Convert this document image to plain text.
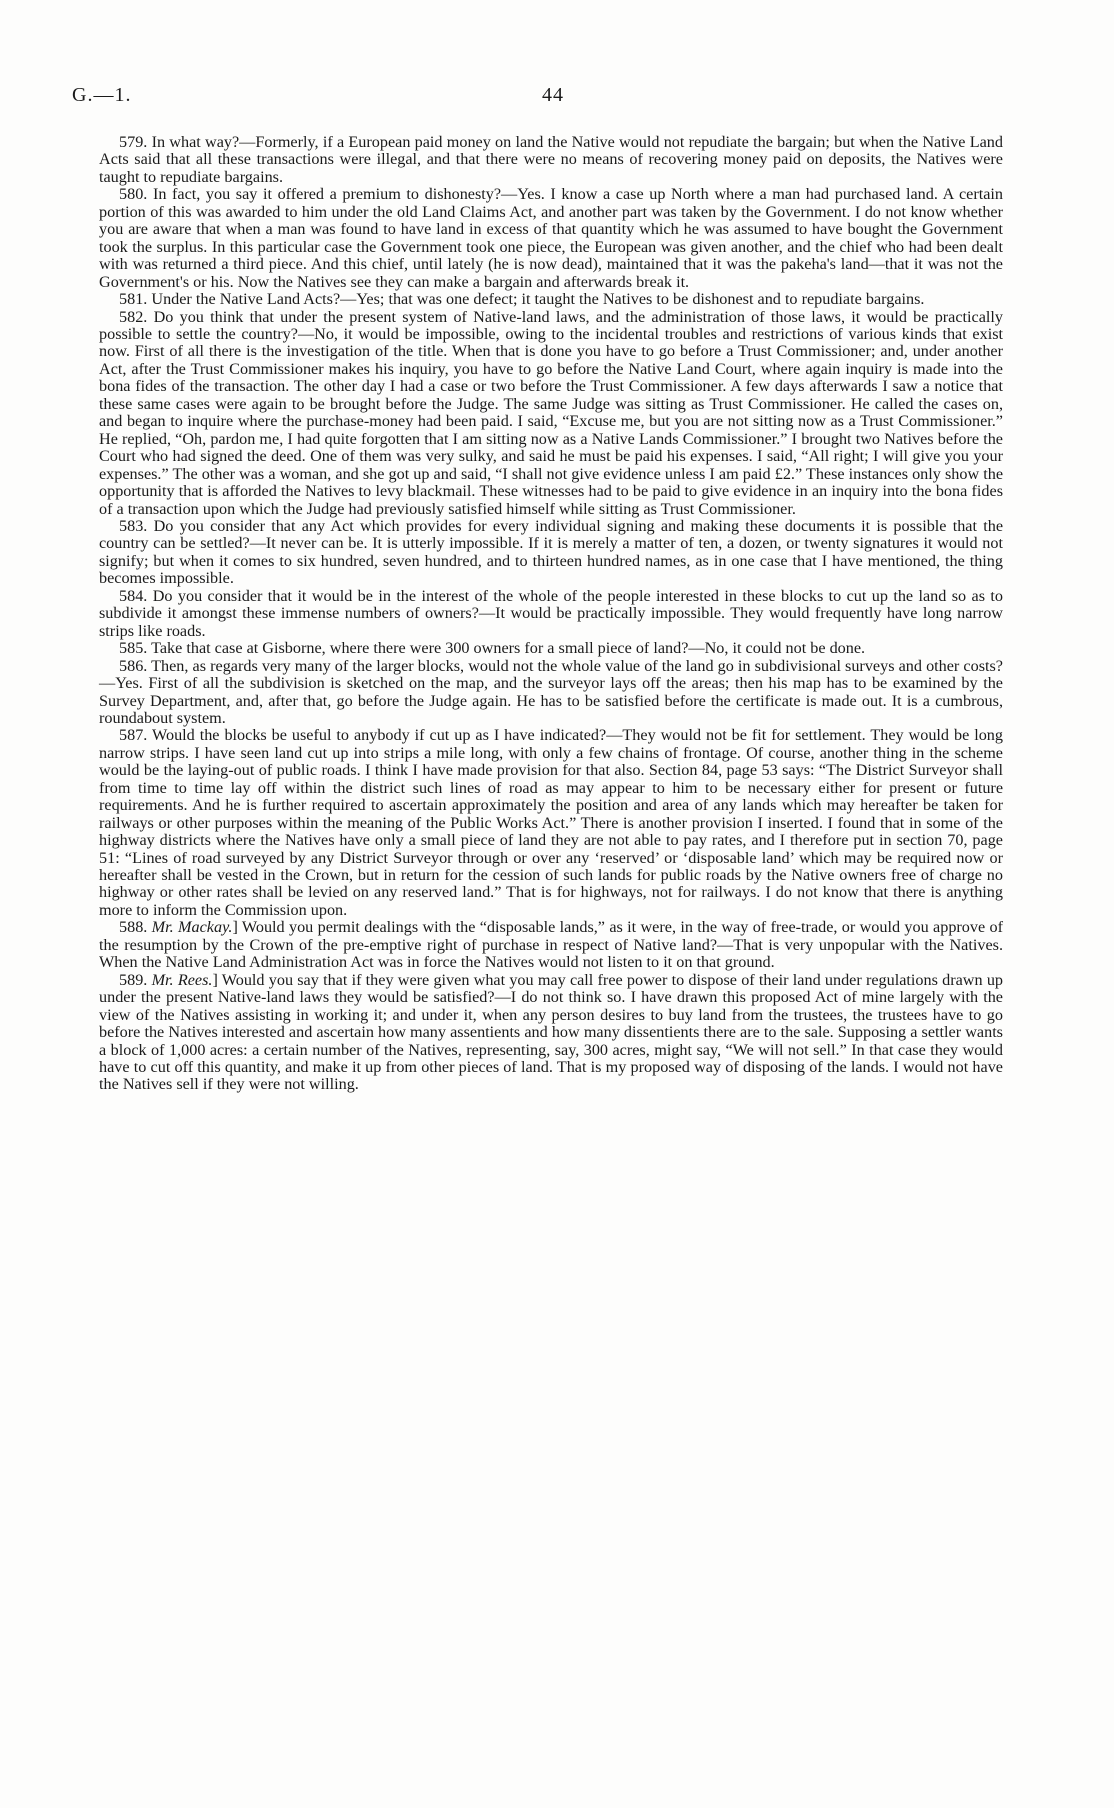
G.—1.	44

579. In what way?—Formerly, if a European paid money on land the Native would not repudiate the bargain; but when the Native Land Acts said that all these transactions were illegal, and that there were no means of recovering money paid on deposits, the Natives were taught to repudiate bargains.

580. In fact, you say it offered a premium to dishonesty?—Yes. I know a case up North where a man had purchased land. A certain portion of this was awarded to him under the old Land Claims Act, and another part was taken by the Government. I do not know whether you are aware that when a man was found to have land in excess of that quantity which he was assumed to have bought the Government took the surplus. In this particular case the Government took one piece, the European was given another, and the chief who had been dealt with was returned a third piece. And this chief, until lately (he is now dead), maintained that it was the pakeha's land—that it was not the Government's or his. Now the Natives see they can make a bargain and afterwards break it.

581. Under the Native Land Acts?—Yes; that was one defect; it taught the Natives to be dishonest and to repudiate bargains.

582. Do you think that under the present system of Native-land laws, and the administration of those laws, it would be practically possible to settle the country?—No, it would be impossible, owing to the incidental troubles and restrictions of various kinds that exist now. First of all there is the investigation of the title. When that is done you have to go before a Trust Commissioner; and, under another Act, after the Trust Commissioner makes his inquiry, you have to go before the Native Land Court, where again inquiry is made into the bona fides of the transaction. The other day I had a case or two before the Trust Commissioner. A few days afterwards I saw a notice that these same cases were again to be brought before the Judge. The same Judge was sitting as Trust Commissioner. He called the cases on, and began to inquire where the purchase-money had been paid. I said, “Excuse me, but you are not sitting now as a Trust Commissioner.” He replied, “Oh, pardon me, I had quite forgotten that I am sitting now as a Native Lands Commissioner.” I brought two Natives before the Court who had signed the deed. One of them was very sulky, and said he must be paid his expenses. I said, “All right; I will give you your expenses.” The other was a woman, and she got up and said, “I shall not give evidence unless I am paid £2.” These instances only show the opportunity that is afforded the Natives to levy blackmail. These witnesses had to be paid to give evidence in an inquiry into the bona fides of a transaction upon which the Judge had previously satisfied himself while sitting as Trust Commissioner.

583. Do you consider that any Act which provides for every individual signing and making these documents it is possible that the country can be settled?—It never can be. It is utterly impossible. If it is merely a matter of ten, a dozen, or twenty signatures it would not signify; but when it comes to six hundred, seven hundred, and to thirteen hundred names, as in one case that I have mentioned, the thing becomes impossible.

584. Do you consider that it would be in the interest of the whole of the people interested in these blocks to cut up the land so as to subdivide it amongst these immense numbers of owners?—It would be practically impossible. They would frequently have long narrow strips like roads.

585. Take that case at Gisborne, where there were 300 owners for a small piece of land?—No, it could not be done.

586. Then, as regards very many of the larger blocks, would not the whole value of the land go in subdivisional surveys and other costs?—Yes. First of all the subdivision is sketched on the map, and the surveyor lays off the areas; then his map has to be examined by the Survey Department, and, after that, go before the Judge again. He has to be satisfied before the certificate is made out. It is a cumbrous, roundabout system.

587. Would the blocks be useful to anybody if cut up as I have indicated?—They would not be fit for settlement. They would be long narrow strips. I have seen land cut up into strips a mile long, with only a few chains of frontage. Of course, another thing in the scheme would be the laying-out of public roads. I think I have made provision for that also. Section 84, page 53 says: “The District Surveyor shall from time to time lay off within the district such lines of road as may appear to him to be necessary either for present or future requirements. And he is further required to ascertain approximately the position and area of any lands which may hereafter be taken for railways or other purposes within the meaning of the Public Works Act.” There is another provision I inserted. I found that in some of the highway districts where the Natives have only a small piece of land they are not able to pay rates, and I therefore put in section 70, page 51: “Lines of road surveyed by any District Surveyor through or over any ‘reserved’ or ‘disposable land’ which may be required now or hereafter shall be vested in the Crown, but in return for the cession of such lands for public roads by the Native owners free of charge no highway or other rates shall be levied on any reserved land.” That is for highways, not for railways. I do not know that there is anything more to inform the Commission upon.

588. Mr. Mackay.] Would you permit dealings with the “disposable lands,” as it were, in the way of free-trade, or would you approve of the resumption by the Crown of the pre-emptive right of purchase in respect of Native land?—That is very unpopular with the Natives. When the Native Land Administration Act was in force the Natives would not listen to it on that ground.

589. Mr. Rees.] Would you say that if they were given what you may call free power to dispose of their land under regulations drawn up under the present Native-land laws they would be satisfied?—I do not think so. I have drawn this proposed Act of mine largely with the view of the Natives assisting in working it; and under it, when any person desires to buy land from the trustees, the trustees have to go before the Natives interested and ascertain how many assentients and how many dissentients there are to the sale. Supposing a settler wants a block of 1,000 acres: a certain number of the Natives, representing, say, 300 acres, might say, “We will not sell.” In that case they would have to cut off this quantity, and make it up from other pieces of land. That is my proposed way of disposing of the lands. I would not have the Natives sell if they were not willing.
